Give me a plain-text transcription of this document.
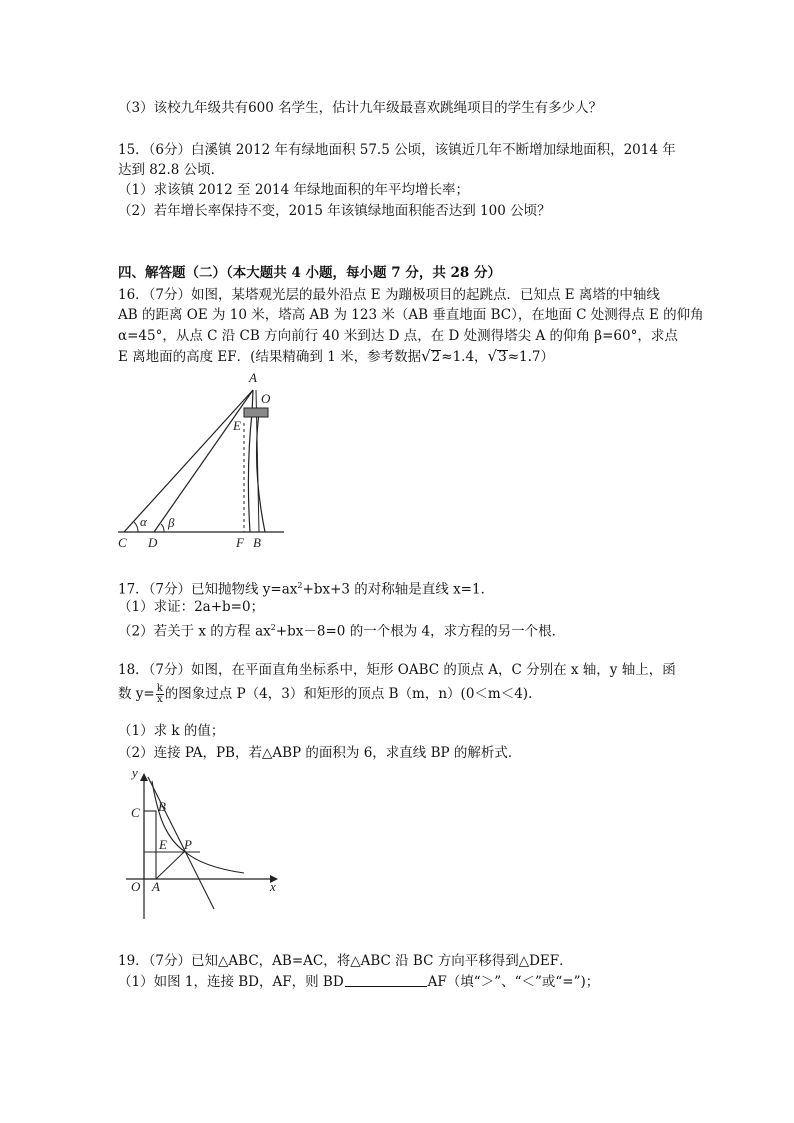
（3）该校九年级共有600 名学生，估计九年级最喜欢跳绳项目的学生有多少人？
15．（6分）白溪镇 2012 年有绿地面积 57.5 公顷，该镇近几年不断增加绿地面积，2014 年
达到 82.8 公顷．
（1）求该镇 2012 至 2014 年绿地面积的年平均增长率；
（2）若年增长率保持不变，2015 年该镇绿地面积能否达到 100 公顷？
四、解答题（二）（本大题共 4 小题，每小题 7 分，共 28 分）
16．（7分）如图，某塔观光层的最外沿点 E 为蹦极项目的起跳点．已知点 E 离塔的中轴线
AB 的距离 OE 为 10 米，塔高 AB 为 123 米（AB 垂直地面 BC），在地面 C 处测得点 E 的仰角
α=45°，从点 C 沿 CB 方向前行 40 米到达 D 点，在 D 处测得塔尖 A 的仰角 β=60°，求点
E 离地面的高度 EF．(结果精确到 1 米，参考数据√2≈1.4，√3≈1.7）
A
O
E
α β
C D	F B
17．（7分）已知抛物线 $y=ax^2+bx+3$ 的对称轴是直线 x=1．
（1）求证：2a+b=0；
（2）若关于 x 的方程 $ax^2+bx-8=0$ 的一个根为 4，求方程的另一个根．
18．（7分）如图，在平面直角坐标系中，矩形 OABC 的顶点 A，C 分别在 x 轴，y 轴上，函
数 $y= \frac{k}{x}$ 的图象过点 P（4，3）和矩形的顶点 B（m，n）(0＜m＜4).
（1）求 k 的值；
（2）连接 PA，PB，若△ABP 的面积为 6，求直线 BP 的解析式．
y
x
B
C
P
E
O A
19．（7分）已知△ABC，AB=AC，将△ABC 沿 BC 方向平移得到△DEF．
（1）如图 1，连接 BD，AF，则 BD	AF（填“＞”、“＜”或“=”)；
